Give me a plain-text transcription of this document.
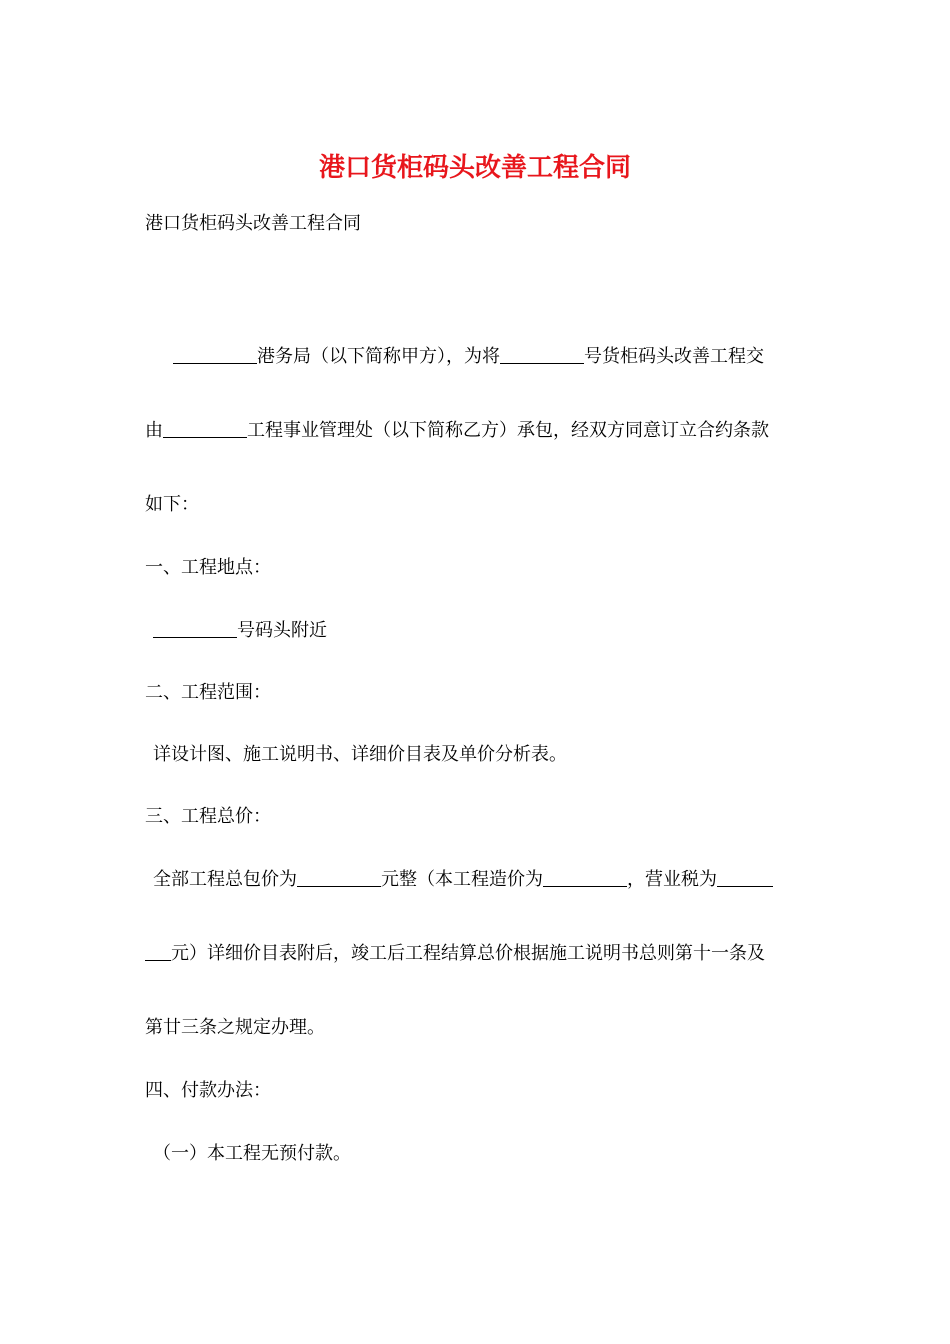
港口货柜码头改善工程合同
港口货柜码头改善工程合同
港务局（以下简称甲方），为将	号货柜码头改善工程交
由	工程事业管理处（以下简称乙方）承包，经双方同意订立合约条款
如下：
一、工程地点：
号码头附近
二、工程范围：
详设计图、施工说明书、详细价目表及单价分析表。
三、工程总价：
全部工程总包价为	元整（本工程造价为	，营业税为
元）详细价目表附后，竣工后工程结算总价根据施工说明书总则第十一条及
第廿三条之规定办理。
四、付款办法：
（一）本工程无预付款。
